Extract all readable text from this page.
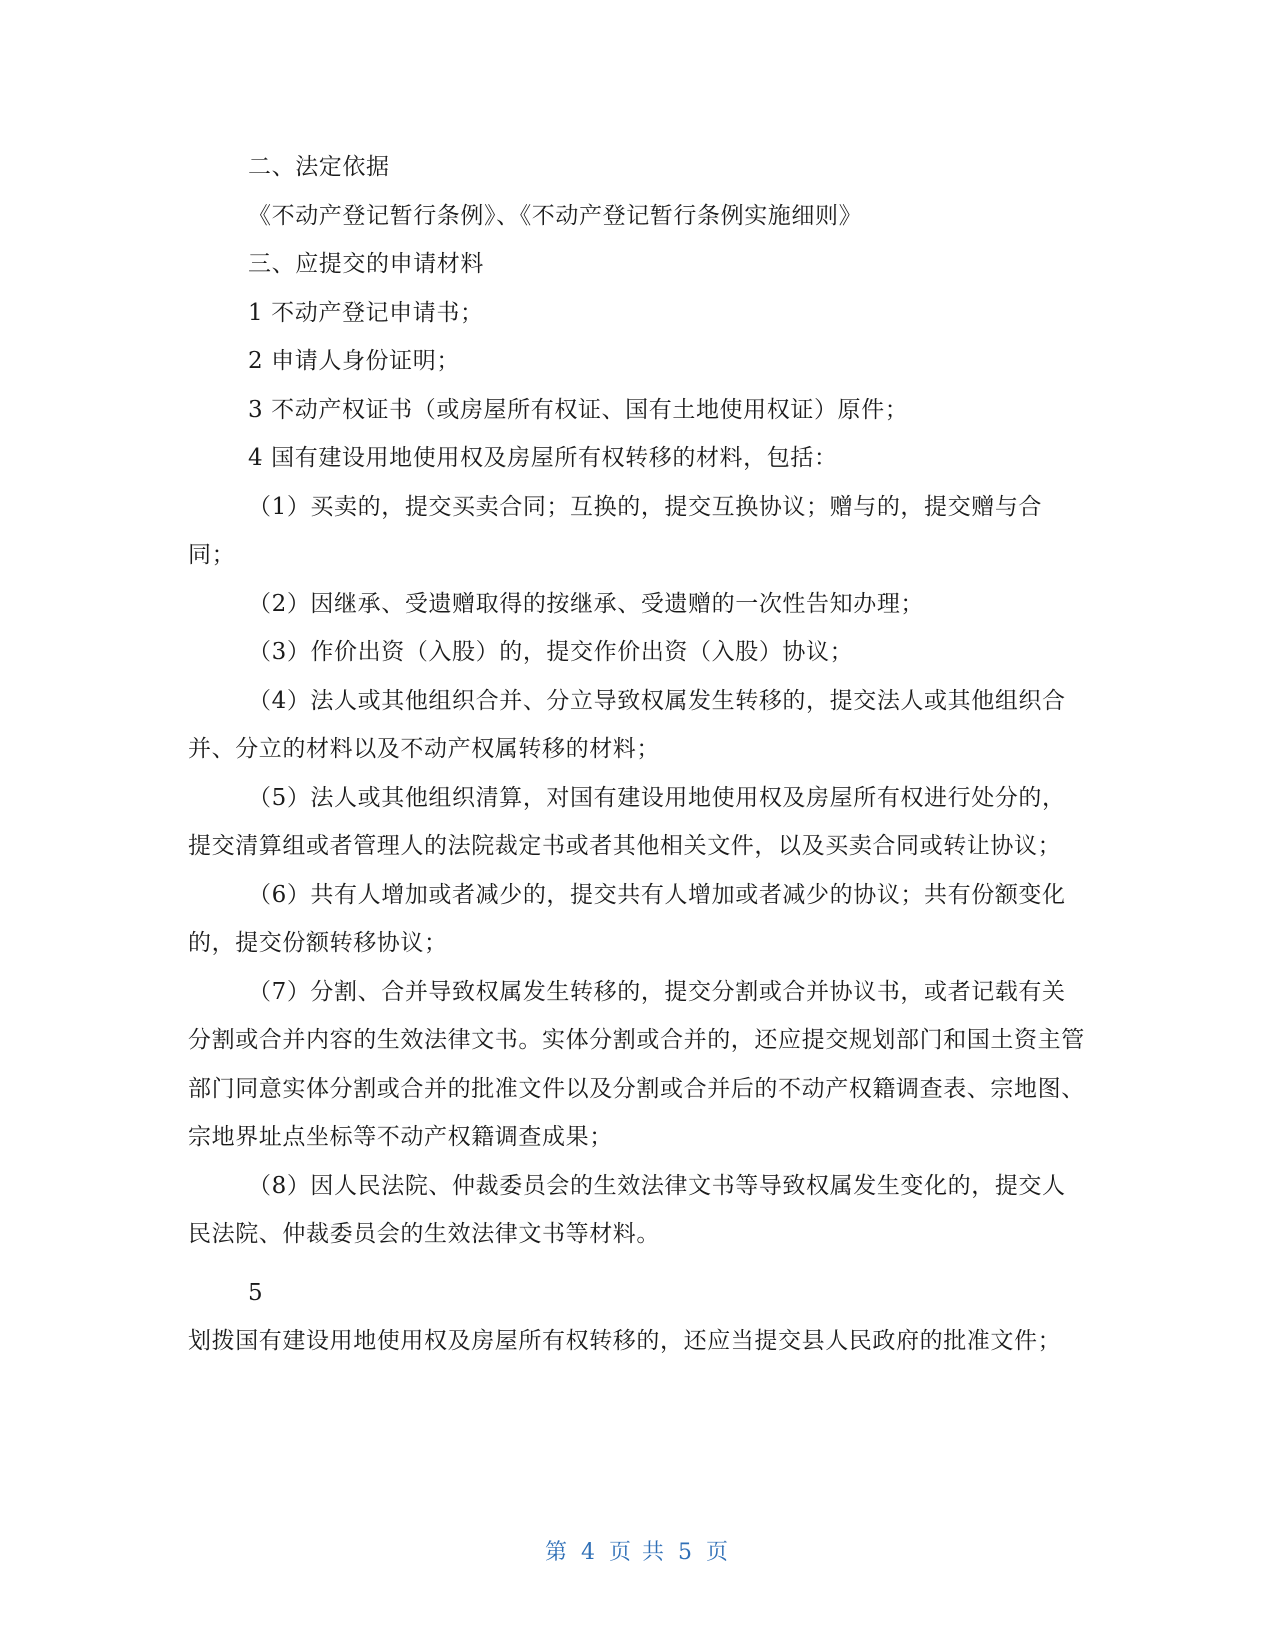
二、法定依据

《不动产登记暂行条例》、《不动产登记暂行条例实施细则》

三、应提交的申请材料

1 不动产登记申请书；

2 申请人身份证明；

3 不动产权证书（或房屋所有权证、国有土地使用权证）原件；

4 国有建设用地使用权及房屋所有权转移的材料，包括：

（1）买卖的，提交买卖合同；互换的，提交互换协议；赠与的，提交赠与合同；

（2）因继承、受遗赠取得的按继承、受遗赠的一次性告知办理；

（3）作价出资（入股）的，提交作价出资（入股）协议；

（4）法人或其他组织合并、分立导致权属发生转移的，提交法人或其他组织合并、分立的材料以及不动产权属转移的材料；

（5）法人或其他组织清算，对国有建设用地使用权及房屋所有权进行处分的，提交清算组或者管理人的法院裁定书或者其他相关文件，以及买卖合同或转让协议；

（6）共有人增加或者减少的，提交共有人增加或者减少的协议；共有份额变化的，提交份额转移协议；

（7）分割、合并导致权属发生转移的，提交分割或合并协议书，或者记载有关分割或合并内容的生效法律文书。实体分割或合并的，还应提交规划部门和国土资主管部门同意实体分割或合并的批准文件以及分割或合并后的不动产权籍调查表、宗地图、宗地界址点坐标等不动产权籍调查成果；

（8）因人民法院、仲裁委员会的生效法律文书等导致权属发生变化的，提交人民法院、仲裁委员会的生效法律文书等材料。

5

划拨国有建设用地使用权及房屋所有权转移的，还应当提交县人民政府的批准文件；

第 4 页 共 5 页
